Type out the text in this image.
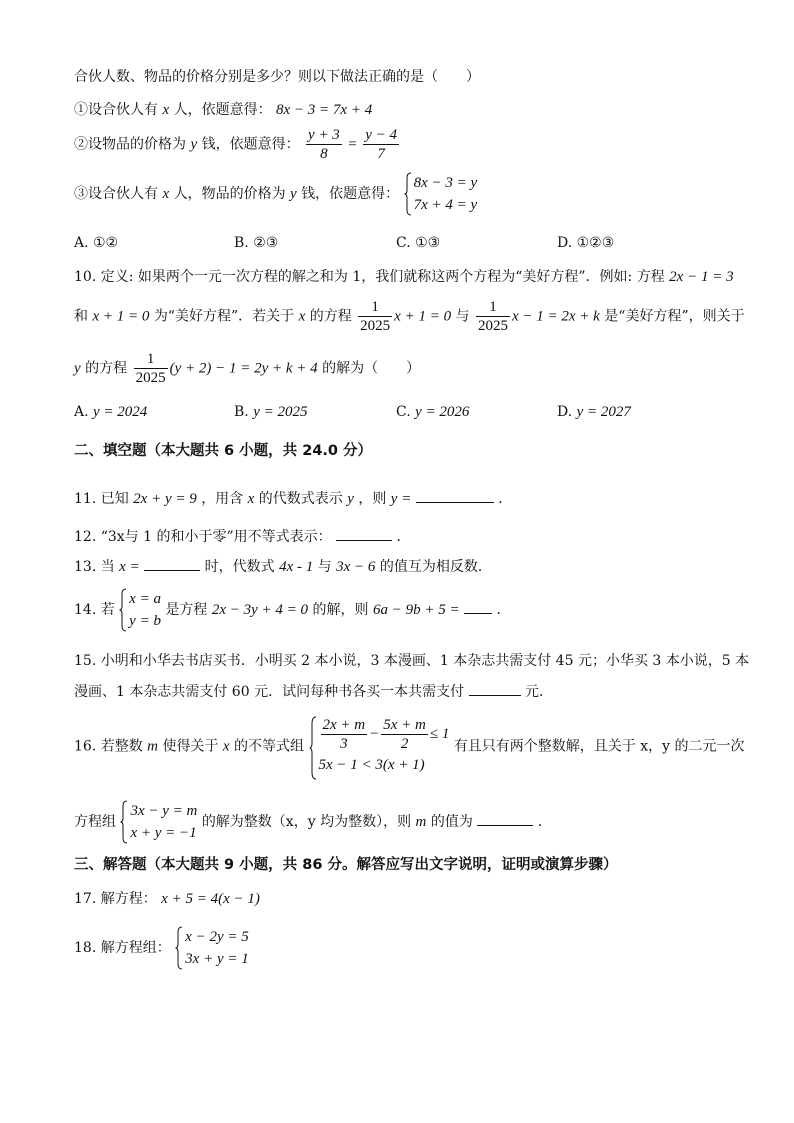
合伙人数、物品的价格分别是多少？则以下做法正确的是（　　）
①设合伙人有 x 人，依题意得： 8x − 3 = 7x + 4
②设物品的价格为 y 钱，依题意得： $\frac{y + 3}{8} = \frac{y - 4}{7}$
③设合伙人有 x 人，物品的价格为 y 钱，依题意得：
8x − 3 = y
7x + 4 = y
A. ①②	B. ②③	C. ①③	D. ①②③
10. 定义: 如果两个一元一次方程的解之和为 1，我们就称这两个方程为“美好方程”．例如: 方程 2x − 1 = 3
和 x + 1 = 0 为“美好方程”．若关于 x 的方程 $\frac{1}{2025}$ x + 1 = 0 与 $\frac{1}{2025}$ x − 1 = 2x + k 是“美好方程”，则关于
y 的方程 $\frac{1}{2025} (y + 2) - 1 = 2y + k + 4$ 的解为（　　）
A. y = 2024	B. y = 2025	C. y = 2026	D. y = 2027
二、填空题（本大题共 6 小题，共 24.0 分）
11. 已知 2x + y = 9 ，用含 x 的代数式表示 y ，则 y =	．
12. “3x与 1 的和小于零”用不等式表示：	．
13. 当 x =	时，代数式 4x - 1 与 3x − 6 的值互为相反数．
14. 若
x = a
y = b
是方程 2x − 3y + 4 = 0 的解，则 6a − 9b + 5 =	．
15. 小明和小华去书店买书．小明买 2 本小说，3 本漫画、1 本杂志共需支付 45 元；小华买 3 本小说，5 本
漫画、1 本杂志共需支付 60 元．试问每种书各买一本共需支付	元．
16. 若整数 m 使得关于 x 的不等式组 $\frac{2x + m}{3} - \frac{5x + m}{2} \le 1$
5x − 1 < 3(x + 1)
有且只有两个整数解，且关于 x，y 的二元一次
方程组
3x − y = m
x + y = −1
的解为整数（x，y 均为整数），则 m 的值为	．
三、解答题（本大题共 9 小题，共 86 分。解答应写出文字说明，证明或演算步骤）
17. 解方程： x + 5 = 4(x − 1)
18. 解方程组：
x − 2y = 5
3x + y = 1
